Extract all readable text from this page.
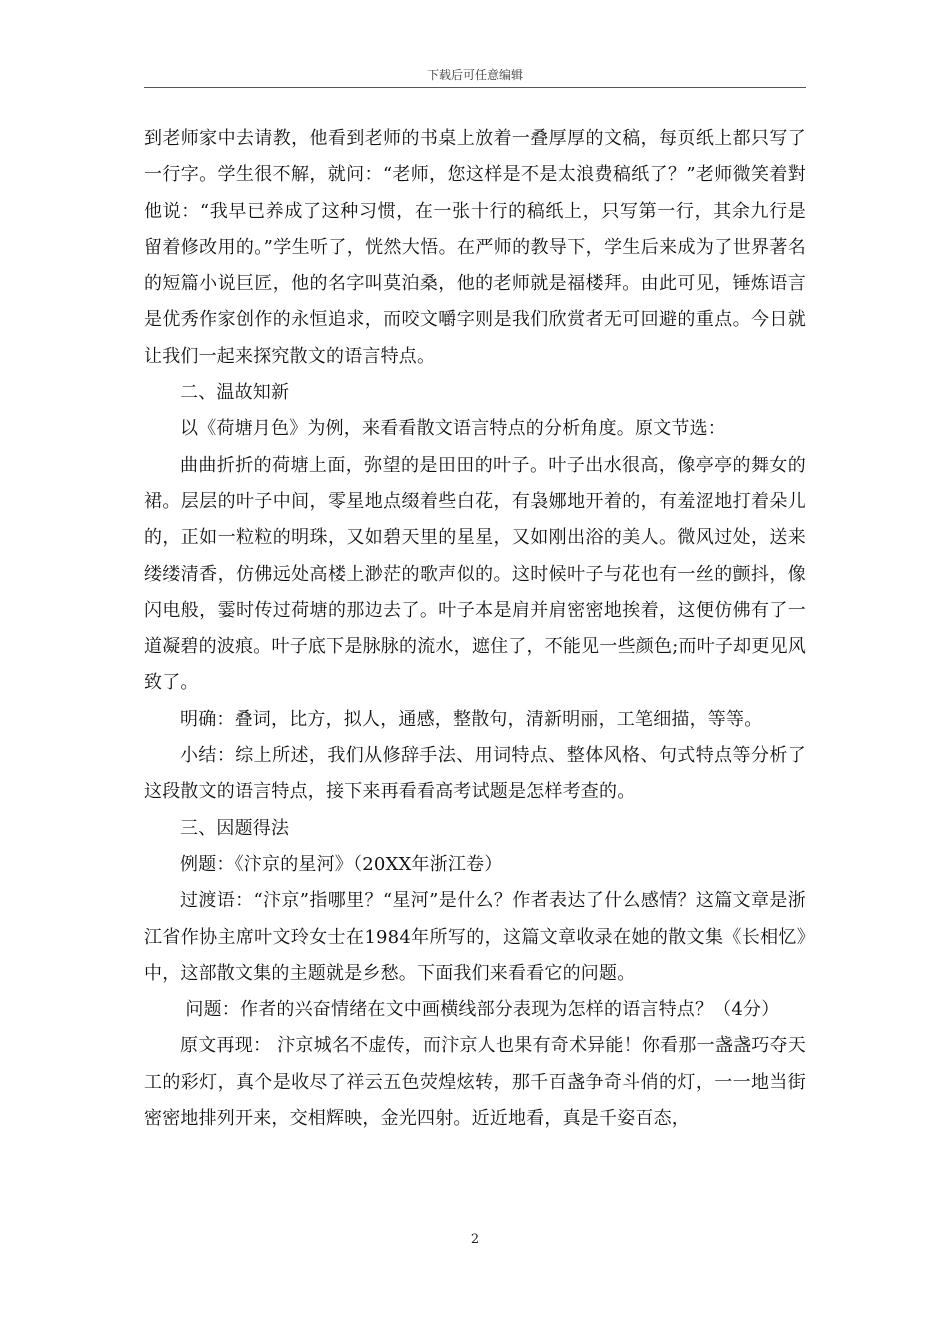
下载后可任意编辑

到老师家中去请教，他看到老师的书桌上放着一叠厚厚的文稿，每页纸上都只写了一行字。学生很不解，就问：“老师，您这样是不是太浪费稿纸了？”老师微笑着對他说：“我早已养成了这种习惯，在一张十行的稿纸上，只写第一行，其余九行是留着修改用的。”学生听了，恍然大悟。在严师的教导下，学生后来成为了世界著名的短篇小说巨匠，他的名字叫莫泊桑，他的老师就是福楼拜。由此可见，锤炼语言是优秀作家创作的永恒追求，而咬文嚼字则是我们欣赏者无可回避的重点。今日就让我们一起来探究散文的语言特点。

二、温故知新

以《荷塘月色》为例，来看看散文语言特点的分析角度。原文节选：

曲曲折折的荷塘上面，弥望的是田田的叶子。叶子出水很高，像亭亭的舞女的裙。层层的叶子中间，零星地点缀着些白花，有袅娜地开着的，有羞涩地打着朵儿的，正如一粒粒的明珠，又如碧天里的星星，又如刚出浴的美人。微风过处，送来缕缕清香，仿佛远处高楼上渺茫的歌声似的。这时候叶子与花也有一丝的颤抖，像闪电般，霎时传过荷塘的那边去了。叶子本是肩并肩密密地挨着，这便仿佛有了一道凝碧的波痕。叶子底下是脉脉的流水，遮住了，不能见一些颜色;而叶子却更见风致了。

明确：叠词，比方，拟人，通感，整散句，清新明丽，工笔细描，等等。

小结：综上所述，我们从修辞手法、用词特点、整体风格、句式特点等分析了这段散文的语言特点，接下来再看看高考试题是怎样考查的。

三、因题得法

例题：《汴京的星河》（20XX年浙江卷）

过渡语：“汴京”指哪里？“星河”是什么？作者表达了什么感情？这篇文章是浙江省作协主席叶文玲女士在1984年所写的，这篇文章收录在她的散文集《长相忆》中，这部散文集的主题就是乡愁。下面我们来看看它的问题。

问题：作者的兴奋情绪在文中画横线部分表现为怎样的语言特点？（4分）

原文再现： 汴京城名不虚传，而汴京人也果有奇术异能！你看那一盏盏巧夺天工的彩灯，真个是收尽了祥云五色荧煌炫转，那千百盏争奇斗俏的灯，一一地当街密密地排列开来，交相辉映，金光四射。近近地看，真是千姿百态，

2
